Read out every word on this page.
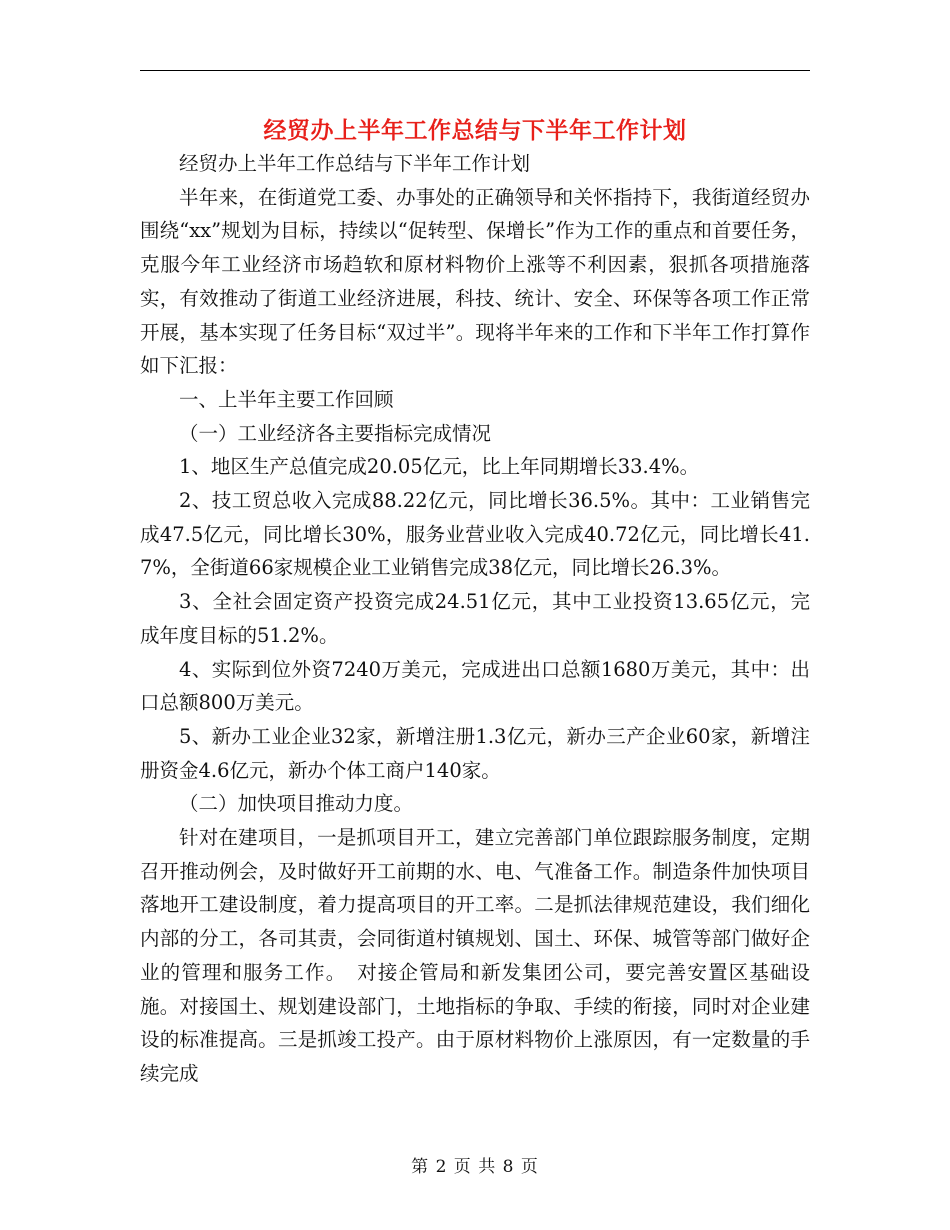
经贸办上半年工作总结与下半年工作计划

经贸办上半年工作总结与下半年工作计划

半年来，在街道党工委、办事处的正确领导和关怀指持下，我街道经贸办围绕“xx”规划为目标，持续以“促转型、保增长”作为工作的重点和首要任务，克服今年工业经济市场趋软和原材料物价上涨等不利因素，狠抓各项措施落实，有效推动了街道工业经济进展，科技、统计、安全、环保等各项工作正常开展，基本实现了任务目标“双过半”。现将半年来的工作和下半年工作打算作如下汇报：

一、上半年主要工作回顾

（一）工业经济各主要指标完成情况

1、地区生产总值完成20.05亿元，比上年同期增长33.4%。

2、技工贸总收入完成88.22亿元，同比增长36.5%。其中：工业销售完成47.5亿元，同比增长30%，服务业营业收入完成40.72亿元，同比增长41.7%，全街道66家规模企业工业销售完成38亿元，同比增长26.3%。

3、全社会固定资产投资完成24.51亿元，其中工业投资13.65亿元，完成年度目标的51.2%。

4、实际到位外资7240万美元，完成进出口总额1680万美元，其中：出口总额800万美元。

5、新办工业企业32家，新增注册1.3亿元，新办三产企业60家，新增注册资金4.6亿元，新办个体工商户140家。

（二）加快项目推动力度。

针对在建项目，一是抓项目开工，建立完善部门单位跟踪服务制度，定期召开推动例会，及时做好开工前期的水、电、气准备工作。制造条件加快项目落地开工建设制度，着力提高项目的开工率。二是抓法律规范建设，我们细化内部的分工，各司其责，会同街道村镇规划、国土、环保、城管等部门做好企业的管理和服务工作。　对接企管局和新发集团公司，要完善安置区基础设施。对接国土、规划建设部门，土地指标的争取、手续的衔接，同时对企业建设的标准提高。三是抓竣工投产。由于原材料物价上涨原因，有一定数量的手续完成

第 2 页 共 8 页
